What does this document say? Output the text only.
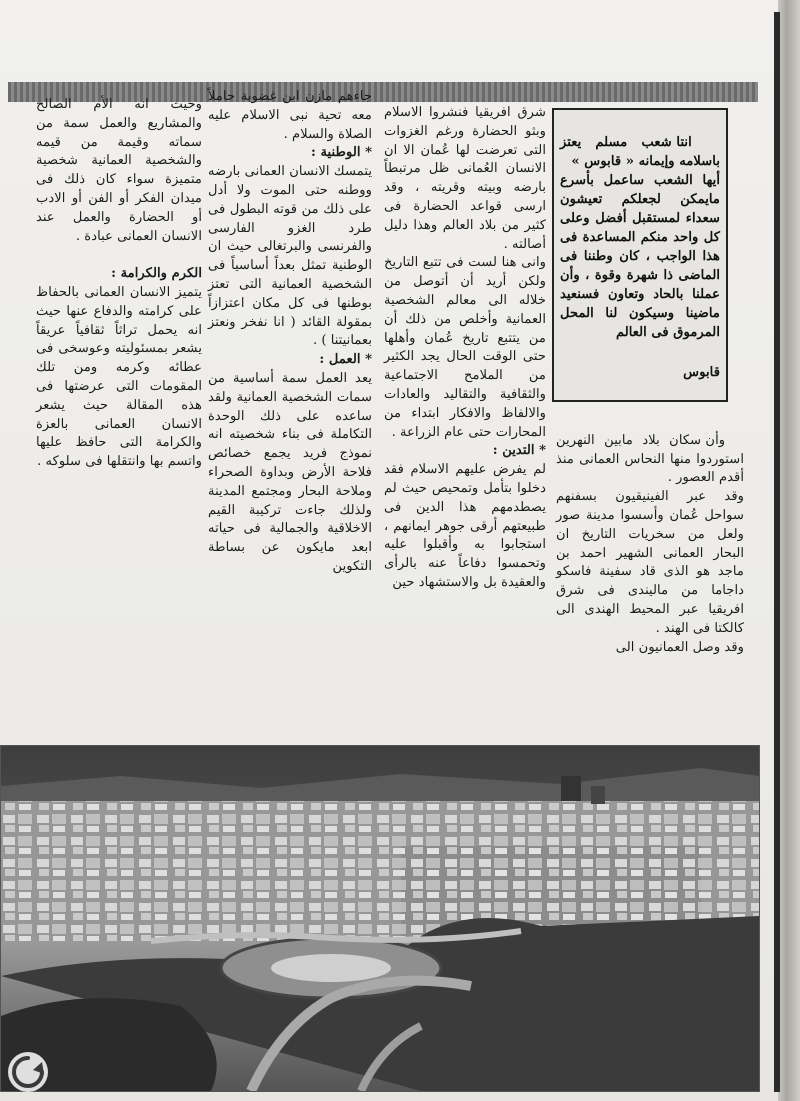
انتا شعب مسلم يعتز باسلامه وإيمانه « قابوس »
أيها الشعب ساعمل بأسرع مايمكن لجعلكم تعيشون سعداء لمستقبل أفضل وعلى كل واحد منكم المساعدة فى هذا الواجب ، كان وطننا فى الماضى ذا شهرة وقوة ، وأن عملنا بالحاد وتعاون فسنعيد ماضينا وسيكون لنا المحل المرموق فى العالم

قابوس

وأن سكان بلاد مابين النهرين استوردوا منها النحاس العمانى منذ أقدم العصور .
وقد عبر الفينيقيون بسفنهم سواحل عُمان وأسسوا مدينة صور ولعل من سخريات التاريخ ان البحار العمانى الشهير احمد بن ماجد هو الذى قاد سفينة فاسكو داجاما من ماليندى فى شرق افريقيا عبر المحيط الهندى الى كالكتا فى الهند .
وقد وصل العمانيون الى

شرق افريقيا فنشروا الاسلام وبثو الحضارة ورغم الغزوات التى تعرضت لها عُمان الا ان الانسان العُمانى ظل مرتبطاً بارضه وبيته وقريته ، وقد ارسى قواعد الحضارة فى كثير من بلاد العالم وهذا دليل أصالته .
وانى هنا لست فى تتبع التاريخ ولكن أريد أن أتوصل من خلاله الى معالم الشخصية العمانية وأخلص من ذلك أن من يتتبع تاريخ عُمان وأهلها حتى الوقت الحال يجد الكثير من الملامح الاجتماعية والثقافية والتقاليد والعادات والالفاظ والافكار ابتداء من المحارات حتى عام الزراعة .
* التدين :
لم يفرض عليهم الاسلام فقد دخلوا بتأمل وتمحيص حيث لم يصطدمهم هذا الدين فى طبيعتهم أرقى جوهر ايمانهم ، استجابوا به وأقبلوا عليه وتحمسوا دفاعاً عنه بالرأى والعقيدة بل والاستشهاد حين
جاءهم مازن ابن غضوبة حاملاً معه تحية نبى الاسلام عليه الصلاة والسلام .
* الوطنية :
يتمسك الانسان العمانى بارضه ووطنه حتى الموت ولا أدل على ذلك من قوته البطول فى طرد الغزو الفارسى والفرنسى والبرتغالى حيث ان الوطنية تمثل بعداً أساسياً فى الشخصية العمانية التى تعتز بوطنها فى كل مكان اعتزازاً بمقولة القائد ( انا نفخر ونعتز بعمانيتنا ) .
* العمل :
يعد العمل سمة أساسية من سمات الشخصية العمانية ولقد ساعده على ذلك الوحدة التكاملة فى بناء شخصيته انه نموذج فريد يجمع خصائص فلاحة الأرض وبداوة الصحراء وملاحة البحار ومجتمع المدينة ولذلك جاءت تركيبة القيم الاخلاقية والجمالية فى حياته ابعد مايكون عن بساطة التكوين
وحيث انه الأم الصالح والمشاريع والعمل سمة من سماته وقيمة من قيمه والشخصية العمانية شخصية متميزة سواء كان ذلك فى ميدان الفكر أو الفن أو الادب أو الحضارة والعمل عند الانسان العمانى عبادة .

الكرم والكرامة :
يتميز الانسان العمانى بالحفاظ على كرامته والدفاع عنها حيث انه يحمل تراثاً ثقافياً عريقاً يشعر بمسئوليته وعوسخى فى عطائه وكرمه ومن تلك المقومات التى عرضتها فى هذه المقالة حيث يشعر الانسان العمانى بالعزة والكرامة التى حافظ عليها واتسم بها وانتقلها فى سلوكه .
